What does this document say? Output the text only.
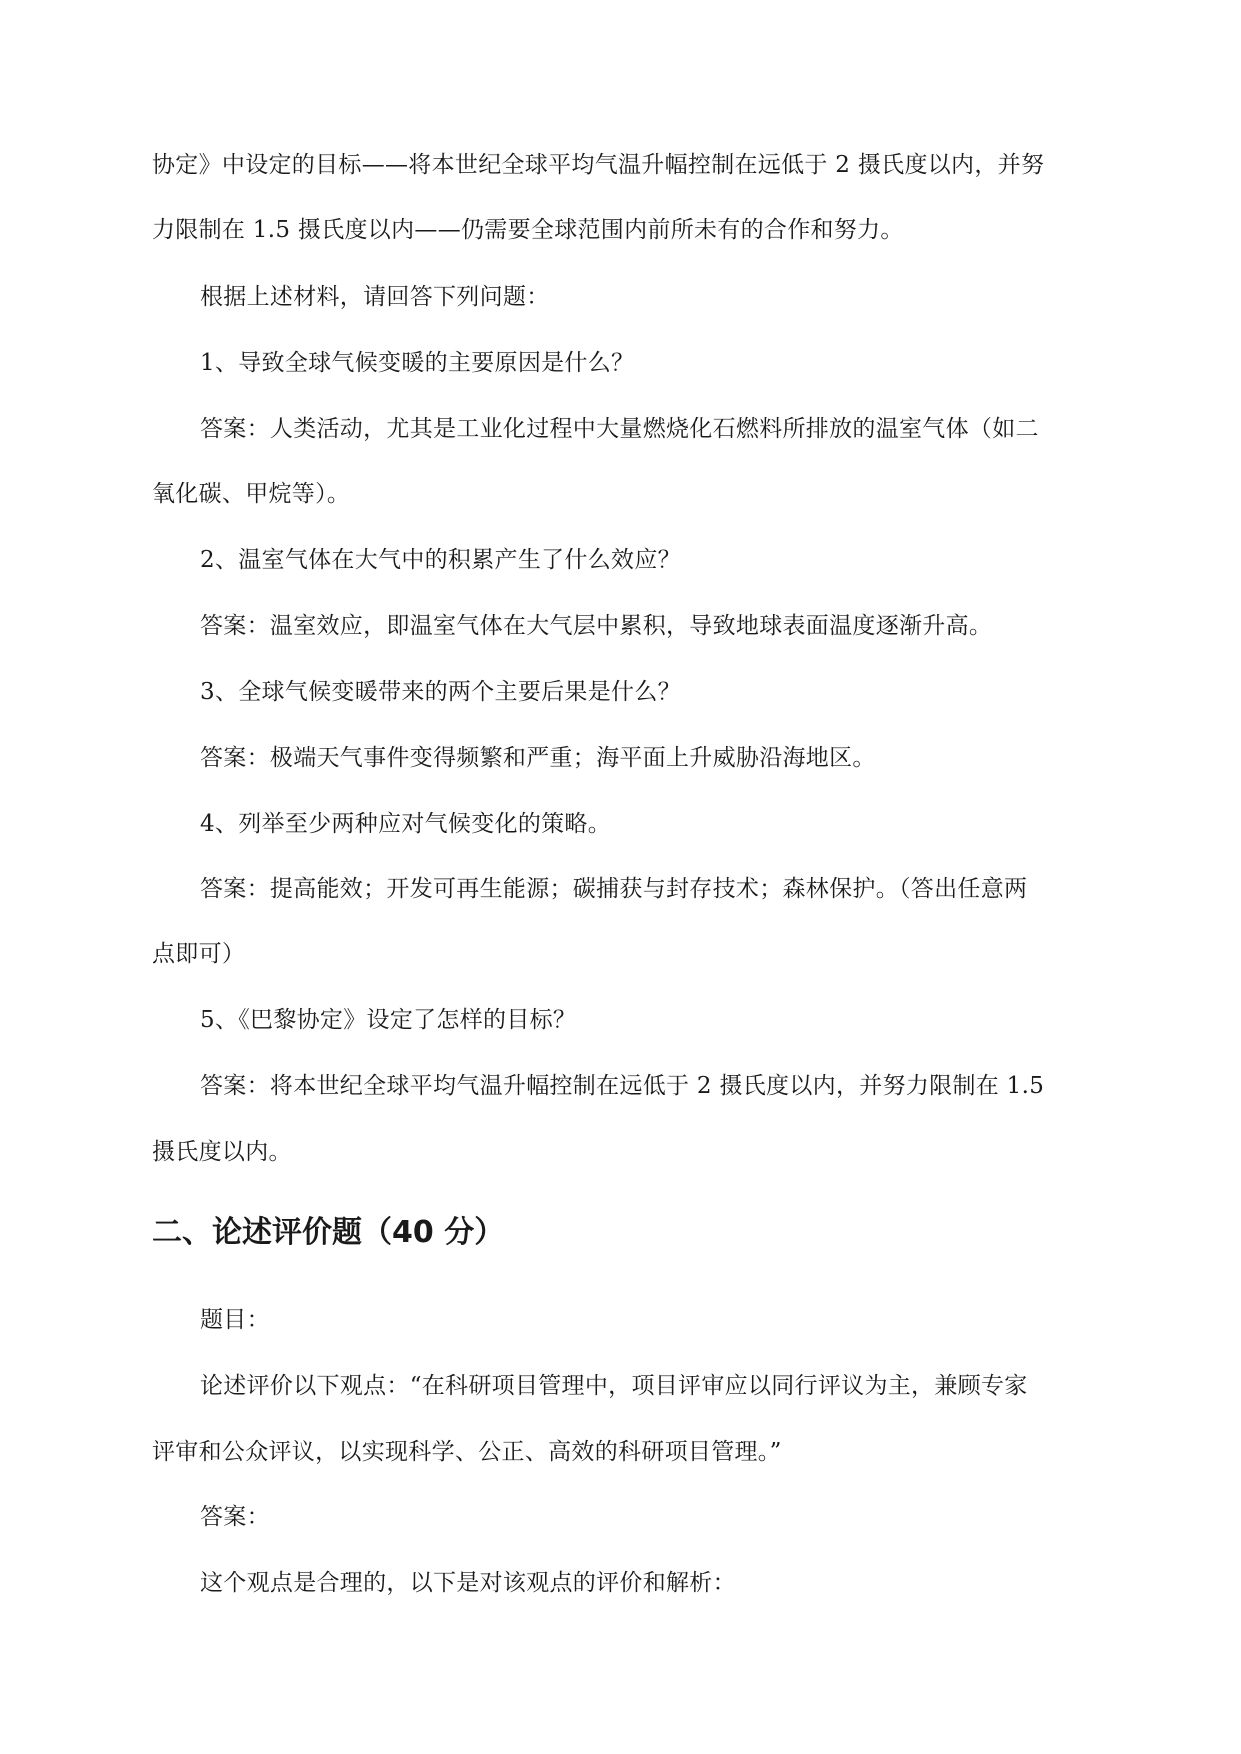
协定》中设定的目标——将本世纪全球平均气温升幅控制在远低于 2 摄氏度以内，并努
力限制在 1.5 摄氏度以内——仍需要全球范围内前所未有的合作和努力。
根据上述材料，请回答下列问题：
1、导致全球气候变暖的主要原因是什么？
答案：人类活动，尤其是工业化过程中大量燃烧化石燃料所排放的温室气体（如二
氧化碳、甲烷等）。
2、温室气体在大气中的积累产生了什么效应？
答案：温室效应，即温室气体在大气层中累积，导致地球表面温度逐渐升高。
3、全球气候变暖带来的两个主要后果是什么？
答案：极端天气事件变得频繁和严重；海平面上升威胁沿海地区。
4、列举至少两种应对气候变化的策略。
答案：提高能效；开发可再生能源；碳捕获与封存技术；森林保护。（答出任意两
点即可）
5、《巴黎协定》设定了怎样的目标？
答案：将本世纪全球平均气温升幅控制在远低于 2 摄氏度以内，并努力限制在 1.5
摄氏度以内。
二、论述评价题（40 分）
题目：
论述评价以下观点：“在科研项目管理中，项目评审应以同行评议为主，兼顾专家
评审和公众评议，以实现科学、公正、高效的科研项目管理。”
答案：
这个观点是合理的，以下是对该观点的评价和解析：
